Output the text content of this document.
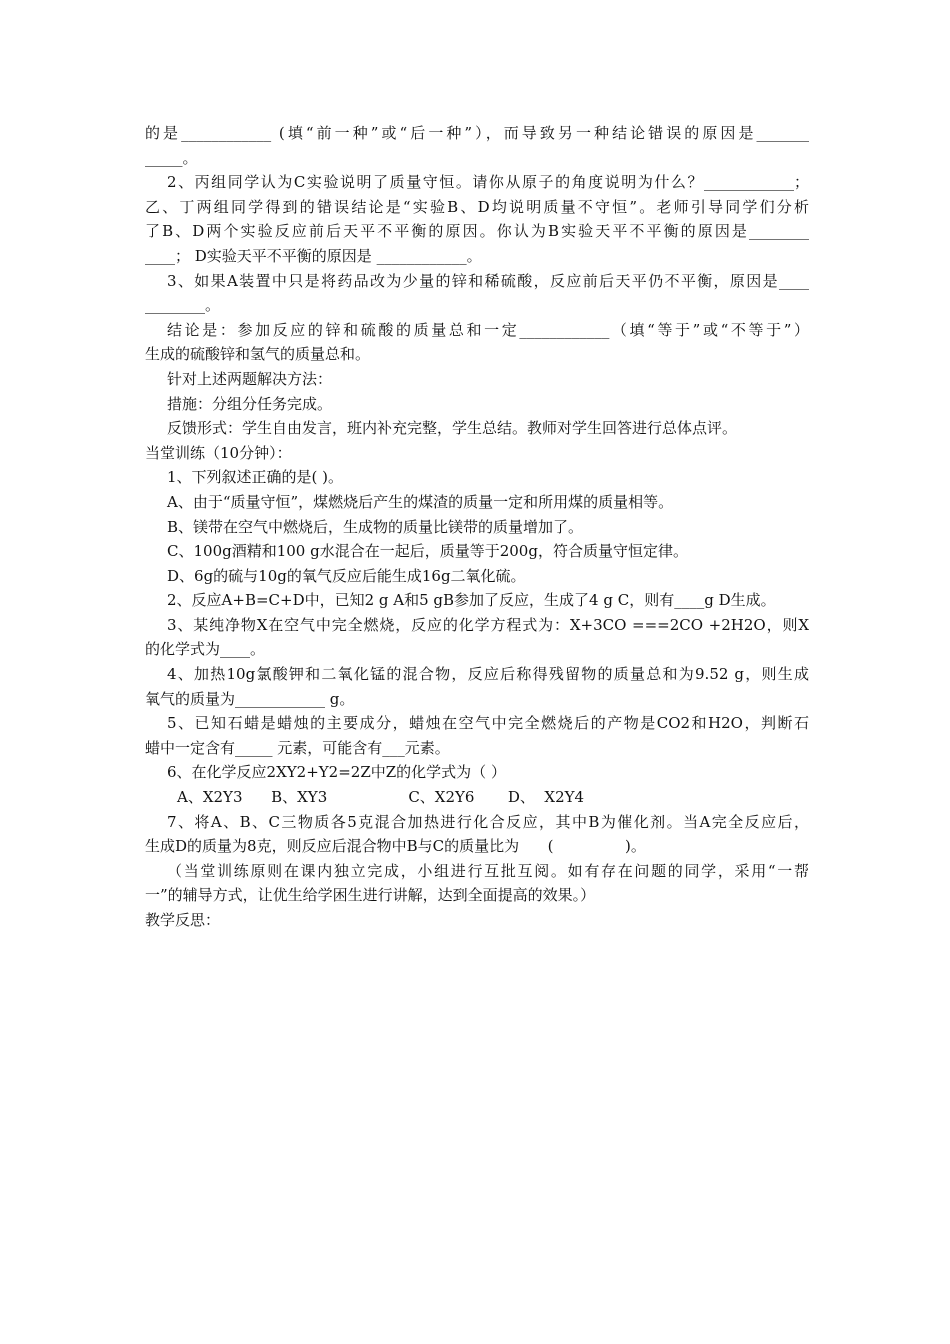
的是____________ (填“前一种”或“后一种”），而导致另一种结论错误的原因是_______
_____。
2、丙组同学认为C实验说明了质量守恒。请你从原子的角度说明为什么？____________；
乙、丁两组同学得到的错误结论是“实验B、D均说明质量不守恒”。老师引导同学们分析
了B、D两个实验反应前后天平不平衡的原因。你认为B实验天平不平衡的原因是________
____； D实验天平不平衡的原因是 ____________。
3、如果A装置中只是将药品改为少量的锌和稀硫酸，反应前后天平仍不平衡，原因是____
________。
结论是：参加反应的锌和硫酸的质量总和一定____________（填“等于”或“不等于”）
生成的硫酸锌和氢气的质量总和。
针对上述两题解决方法：
措施：分组分任务完成。
反馈形式：学生自由发言，班内补充完整，学生总结。教师对学生回答进行总体点评。
当堂训练（10分钟）：
1、下列叙述正确的是( )。
A、由于“质量守恒”，煤燃烧后产生的煤渣的质量一定和所用煤的质量相等。
B、镁带在空气中燃烧后，生成物的质量比镁带的质量增加了。
C、100g酒精和100 g水混合在一起后，质量等于200g，符合质量守恒定律。
D、6g的硫与10g的氧气反应后能生成16g二氧化硫。
2、反应A+B=C+D中，已知2 g A和5 gB参加了反应，生成了4 g C，则有____g D生成。
3、某纯净物X在空气中完全燃烧，反应的化学方程式为：X+3CO ===2CO +2H2O，则X
的化学式为____。
4、加热10g氯酸钾和二氧化锰的混合物，反应后称得残留物的质量总和为9.52 g，则生成
氧气的质量为____________ g。
5、已知石蜡是蜡烛的主要成分，蜡烛在空气中完全燃烧后的产物是CO2和H2O，判断石
蜡中一定含有_____ 元素，可能含有___元素。
6、在化学反应2XY2+Y2=2Z中Z的化学式为（ ）
A、X2Y3      B、XY3                 C、X2Y6       D、  X2Y4
7、将A、B、C三物质各5克混合加热进行化合反应，其中B为催化剂。当A完全反应后，
生成D的质量为8克，则反应后混合物中B与C的质量比为      (               )。
（当堂训练原则在课内独立完成，小组进行互批互阅。如有存在问题的同学，采用“一帮
一”的辅导方式，让优生给学困生进行讲解，达到全面提高的效果。）
教学反思：
